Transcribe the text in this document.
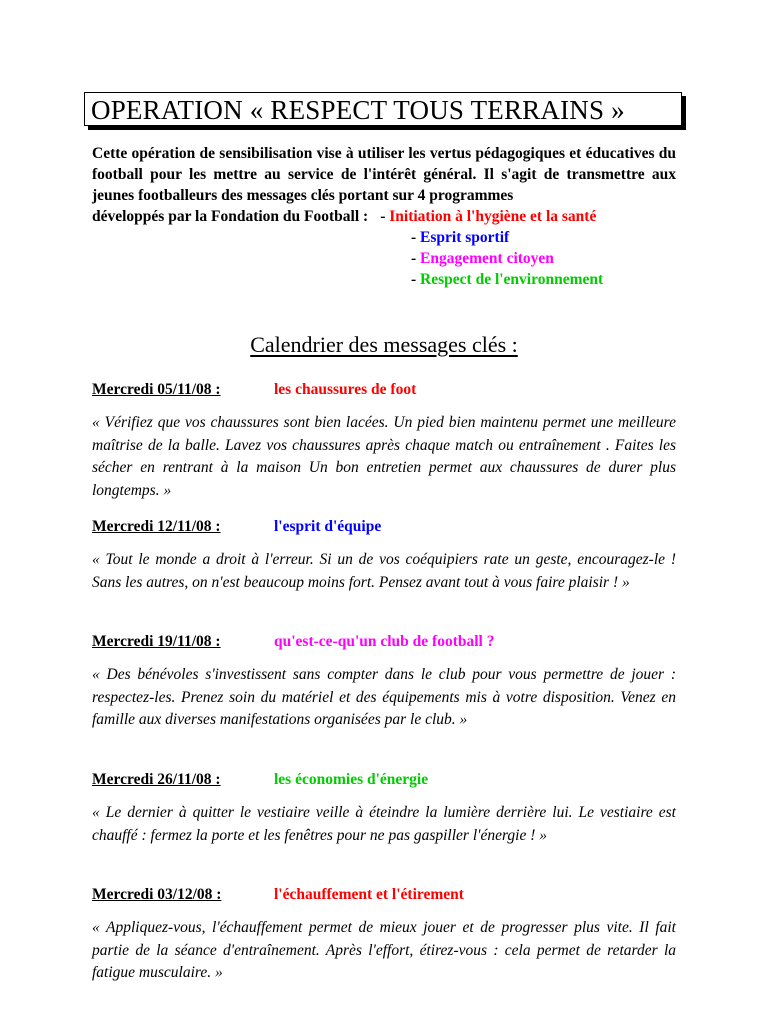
OPERATION « RESPECT TOUS TERRAINS »

Cette opération de sensibilisation vise à utiliser les vertus pédagogiques et éducatives du football pour les mettre au service de l'intérêt général. Il s'agit de transmettre aux jeunes footballeurs des messages clés portant sur 4 programmes

développés par la Fondation du Football : - Initiation à l'hygiène et la santé
- Esprit sportif
- Engagement citoyen
- Respect de l'environnement
Calendrier des messages clés :
Mercredi 05/11/08 :	les chaussures de foot
« Vérifiez que vos chaussures sont bien lacées. Un pied bien maintenu permet une meilleure maîtrise de la balle. Lavez vos chaussures après chaque match ou entraînement . Faites les sécher en rentrant à la maison Un bon entretien permet aux chaussures de durer plus longtemps. »
Mercredi 12/11/08 :	l'esprit d'équipe
« Tout le monde a droit à l'erreur. Si un de vos coéquipiers rate un geste, encouragez-le ! Sans les autres, on n'est beaucoup moins fort. Pensez avant tout à vous faire plaisir ! »
Mercredi 19/11/08 :	qu'est-ce-qu'un club de football ?
« Des bénévoles s'investissent sans compter dans le club pour vous permettre de jouer : respectez-les. Prenez soin du matériel et des équipements mis à votre disposition. Venez en famille aux diverses manifestations organisées par le club. »
Mercredi 26/11/08 :	les économies d'énergie
« Le dernier à quitter le vestiaire veille à éteindre la lumière derrière lui. Le vestiaire est chauffé : fermez la porte et les fenêtres pour ne pas gaspiller l'énergie ! »
Mercredi 03/12/08 :	l'échauffement et l'étirement
« Appliquez-vous, l'échauffement permet de mieux jouer et de progresser plus vite. Il fait partie de la séance d'entraînement. Après l'effort, étirez-vous : cela permet de retarder la fatigue musculaire. »
